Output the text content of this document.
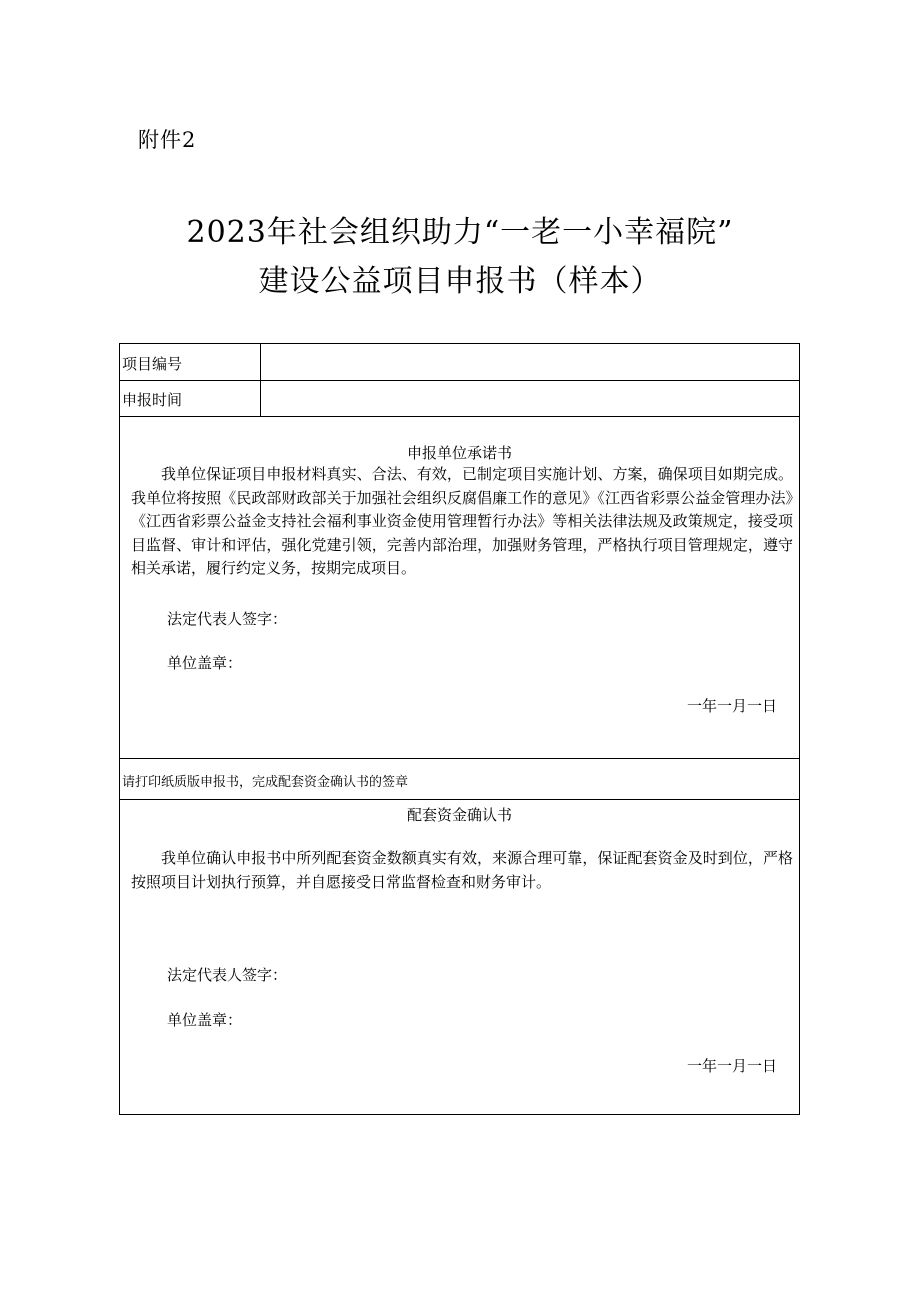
附件2
2023年社会组织助力“一老一小幸福院”
建设公益项目申报书（样本）
项目编号
申报时间
申报单位承诺书
我单位保证项目申报材料真实、合法、有效，已制定项目实施计划、方案，确保项目如期完成。我单位将按照《民政部财政部关于加强社会组织反腐倡廉工作的意见》《江西省彩票公益金管理办法》《江西省彩票公益金支持社会福利事业资金使用管理暂行办法》等相关法律法规及政策规定，接受项目监督、审计和评估，强化党建引领，完善内部治理，加强财务管理，严格执行项目管理规定，遵守相关承诺，履行约定义务，按期完成项目。
法定代表人签字：
单位盖章：
一年一月一日
请打印纸质版申报书，完成配套资金确认书的签章
配套资金确认书
我单位确认申报书中所列配套资金数额真实有效，来源合理可靠，保证配套资金及时到位，严格按照项目计划执行预算，并自愿接受日常监督检查和财务审计。
法定代表人签字：
单位盖章：
一年一月一日
